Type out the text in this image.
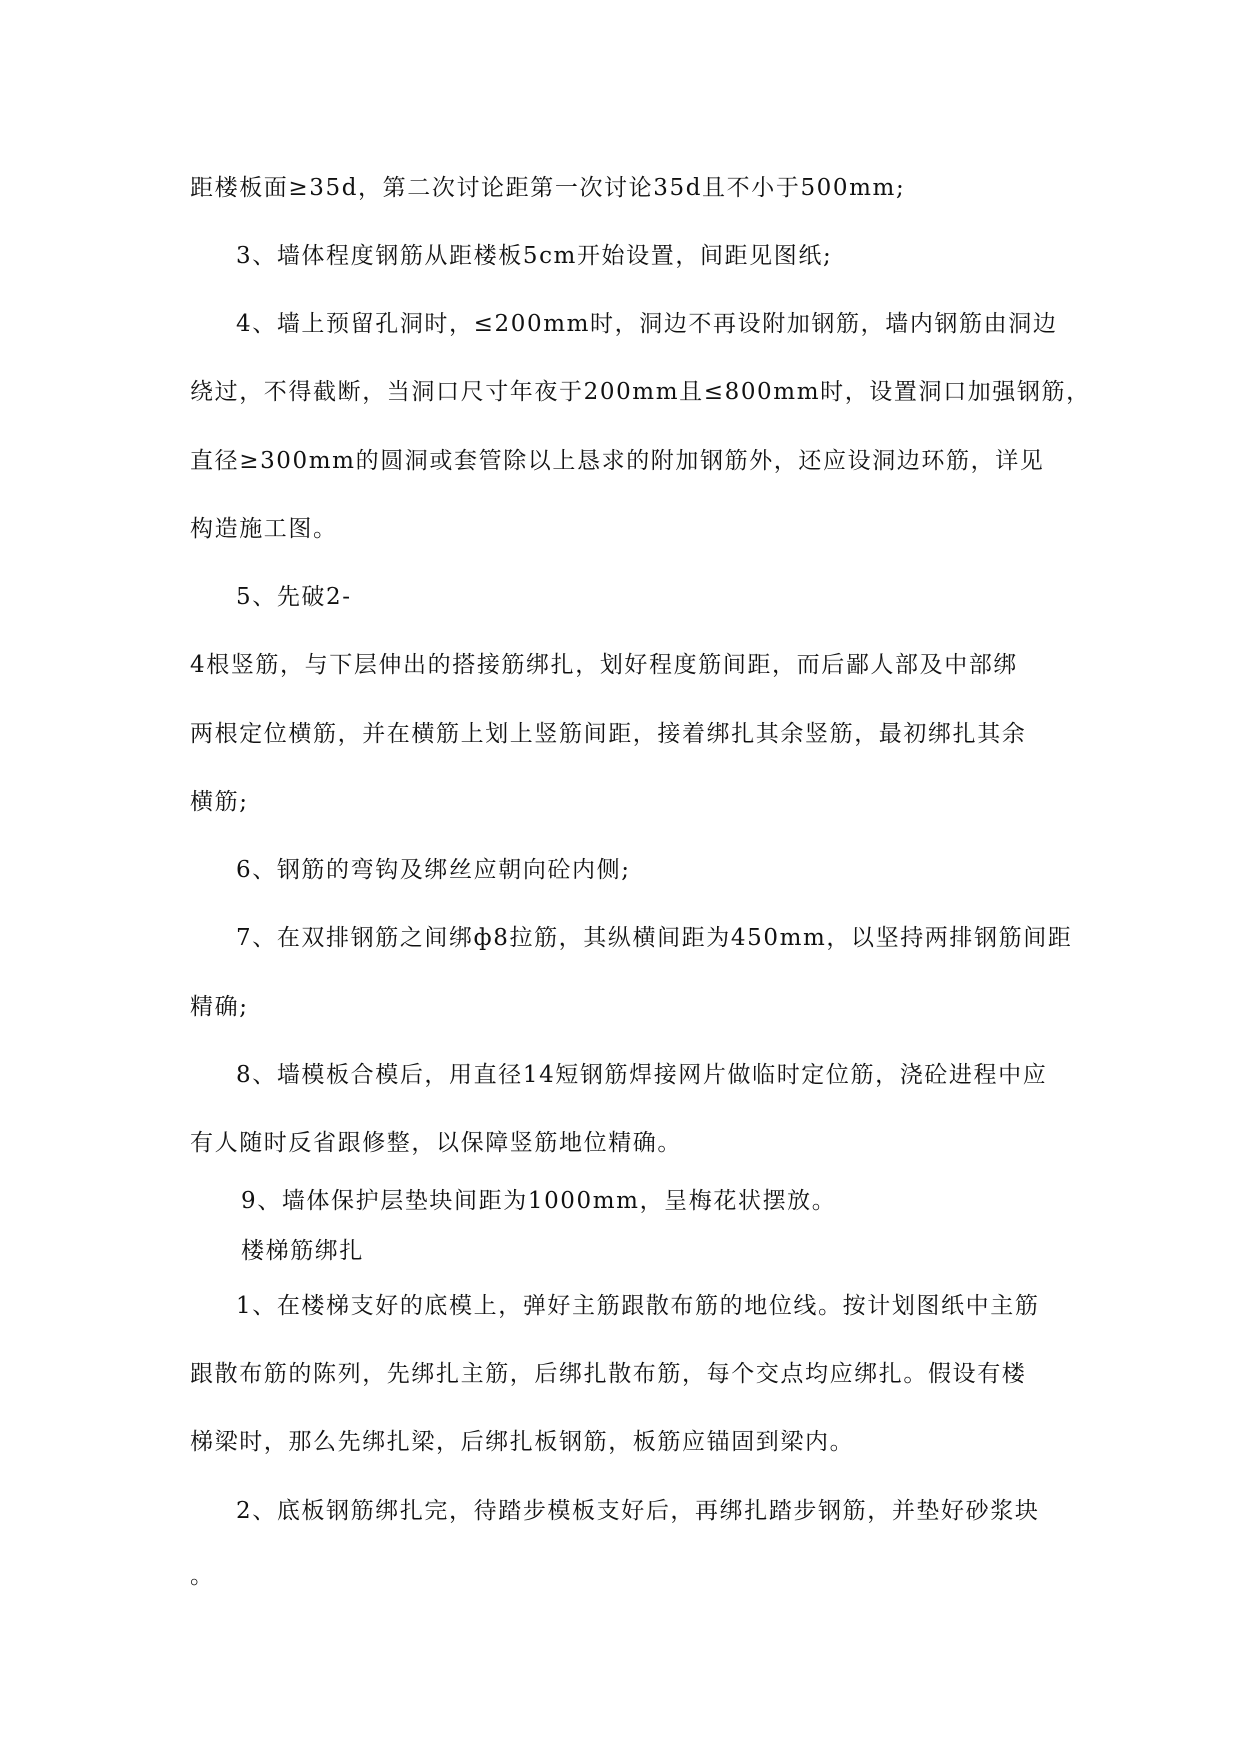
距楼板面≥35d，第二次讨论距第一次讨论35d且不小于500mm;
3、墙体程度钢筋从距楼板5cm开始设置，间距见图纸;
4、墙上预留孔洞时，≤200mm时，洞边不再设附加钢筋，墙内钢筋由洞边
绕过，不得截断，当洞口尺寸年夜于200mm且≤800mm时，设置洞口加强钢筋，
直径≥300mm的圆洞或套管除以上恳求的附加钢筋外，还应设洞边环筋，详见
构造施工图。
5、先破2-
4根竖筋，与下层伸出的搭接筋绑扎，划好程度筋间距，而后鄙人部及中部绑
两根定位横筋，并在横筋上划上竖筋间距，接着绑扎其余竖筋，最初绑扎其余
横筋;
6、钢筋的弯钩及绑丝应朝向砼内侧;
7、在双排钢筋之间绑ф8拉筋，其纵横间距为450mm，以坚持两排钢筋间距
精确;
8、墙模板合模后，用直径14短钢筋焊接网片做临时定位筋，浇砼进程中应
有人随时反省跟修整，以保障竖筋地位精确。
9、墙体保护层垫块间距为1000mm，呈梅花状摆放。
楼梯筋绑扎
1、在楼梯支好的底模上，弹好主筋跟散布筋的地位线。按计划图纸中主筋
跟散布筋的陈列，先绑扎主筋，后绑扎散布筋，每个交点均应绑扎。假设有楼
梯梁时，那么先绑扎梁，后绑扎板钢筋，板筋应锚固到梁内。
2、底板钢筋绑扎完，待踏步模板支好后，再绑扎踏步钢筋，并垫好砂浆块
。
